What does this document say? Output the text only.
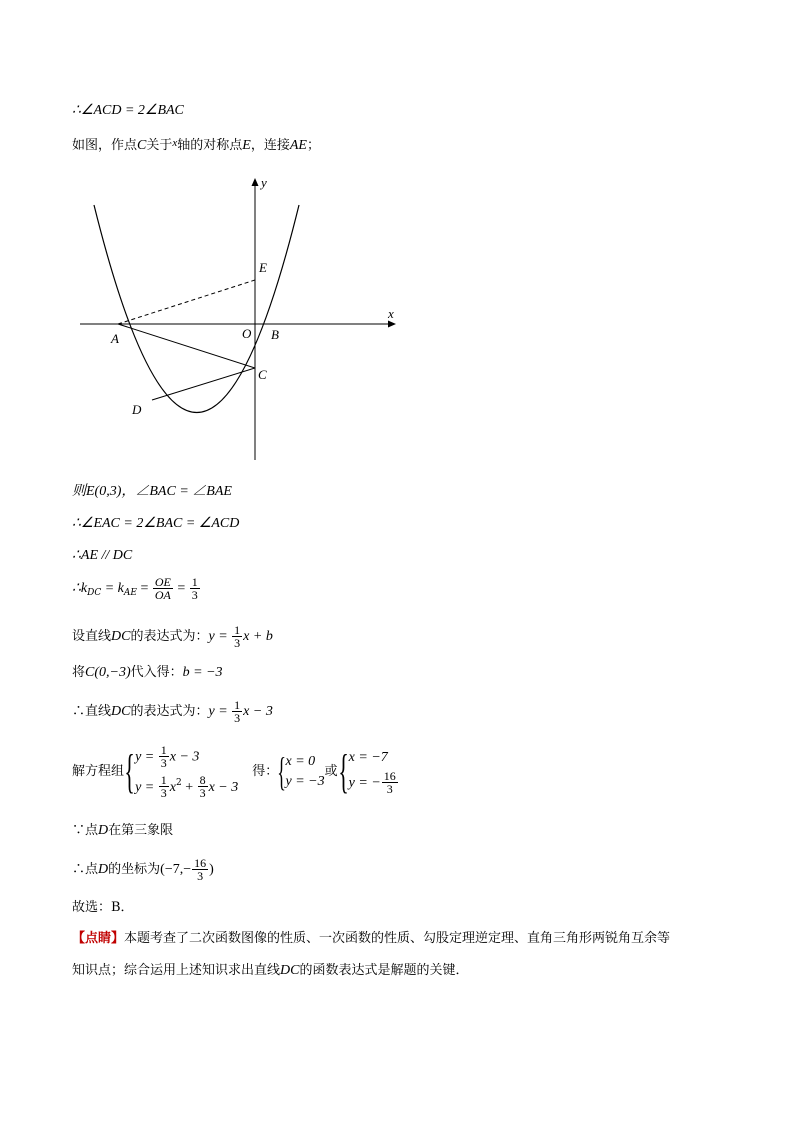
∴∠ACD = 2∠BAC
如图，作点C关于$^x$轴的对称点E，连接AE；
y
x
E
O B
A
C
D
则E(0,3)，∠BAC = ∠BAE
∴∠EAC = 2∠BAC = ∠ACD
∴AE // DC
$\therefore k_{DC} = k_{AE} = \frac{OE}{OA} = \frac{1}{3}$
设直线DC的表达式为：$y = \frac{1}{3}$ x + b
将C(0,−3)代入得：b = −3
∴直线DC的表达式为：$y = \frac{1}{3}$ x − 3
解方程组{ $y = \frac{1}{3}$ x − 3
$y = \frac{1}{3} x^2 + \frac{8}{3}$ x − 3
得：{ x = 0
y = −3
或{ x = −7
y = − $\frac{16}{3}$
∵点D在第三象限
∴点D的坐标为($-7,- \frac{16}{3}$ )
故选：B．
【点睛】本题考查了二次函数图像的性质、一次函数的性质、勾股定理逆定理、直角三角形两锐角互余等
知识点；综合运用上述知识求出直线DC的函数表达式是解题的关键．
